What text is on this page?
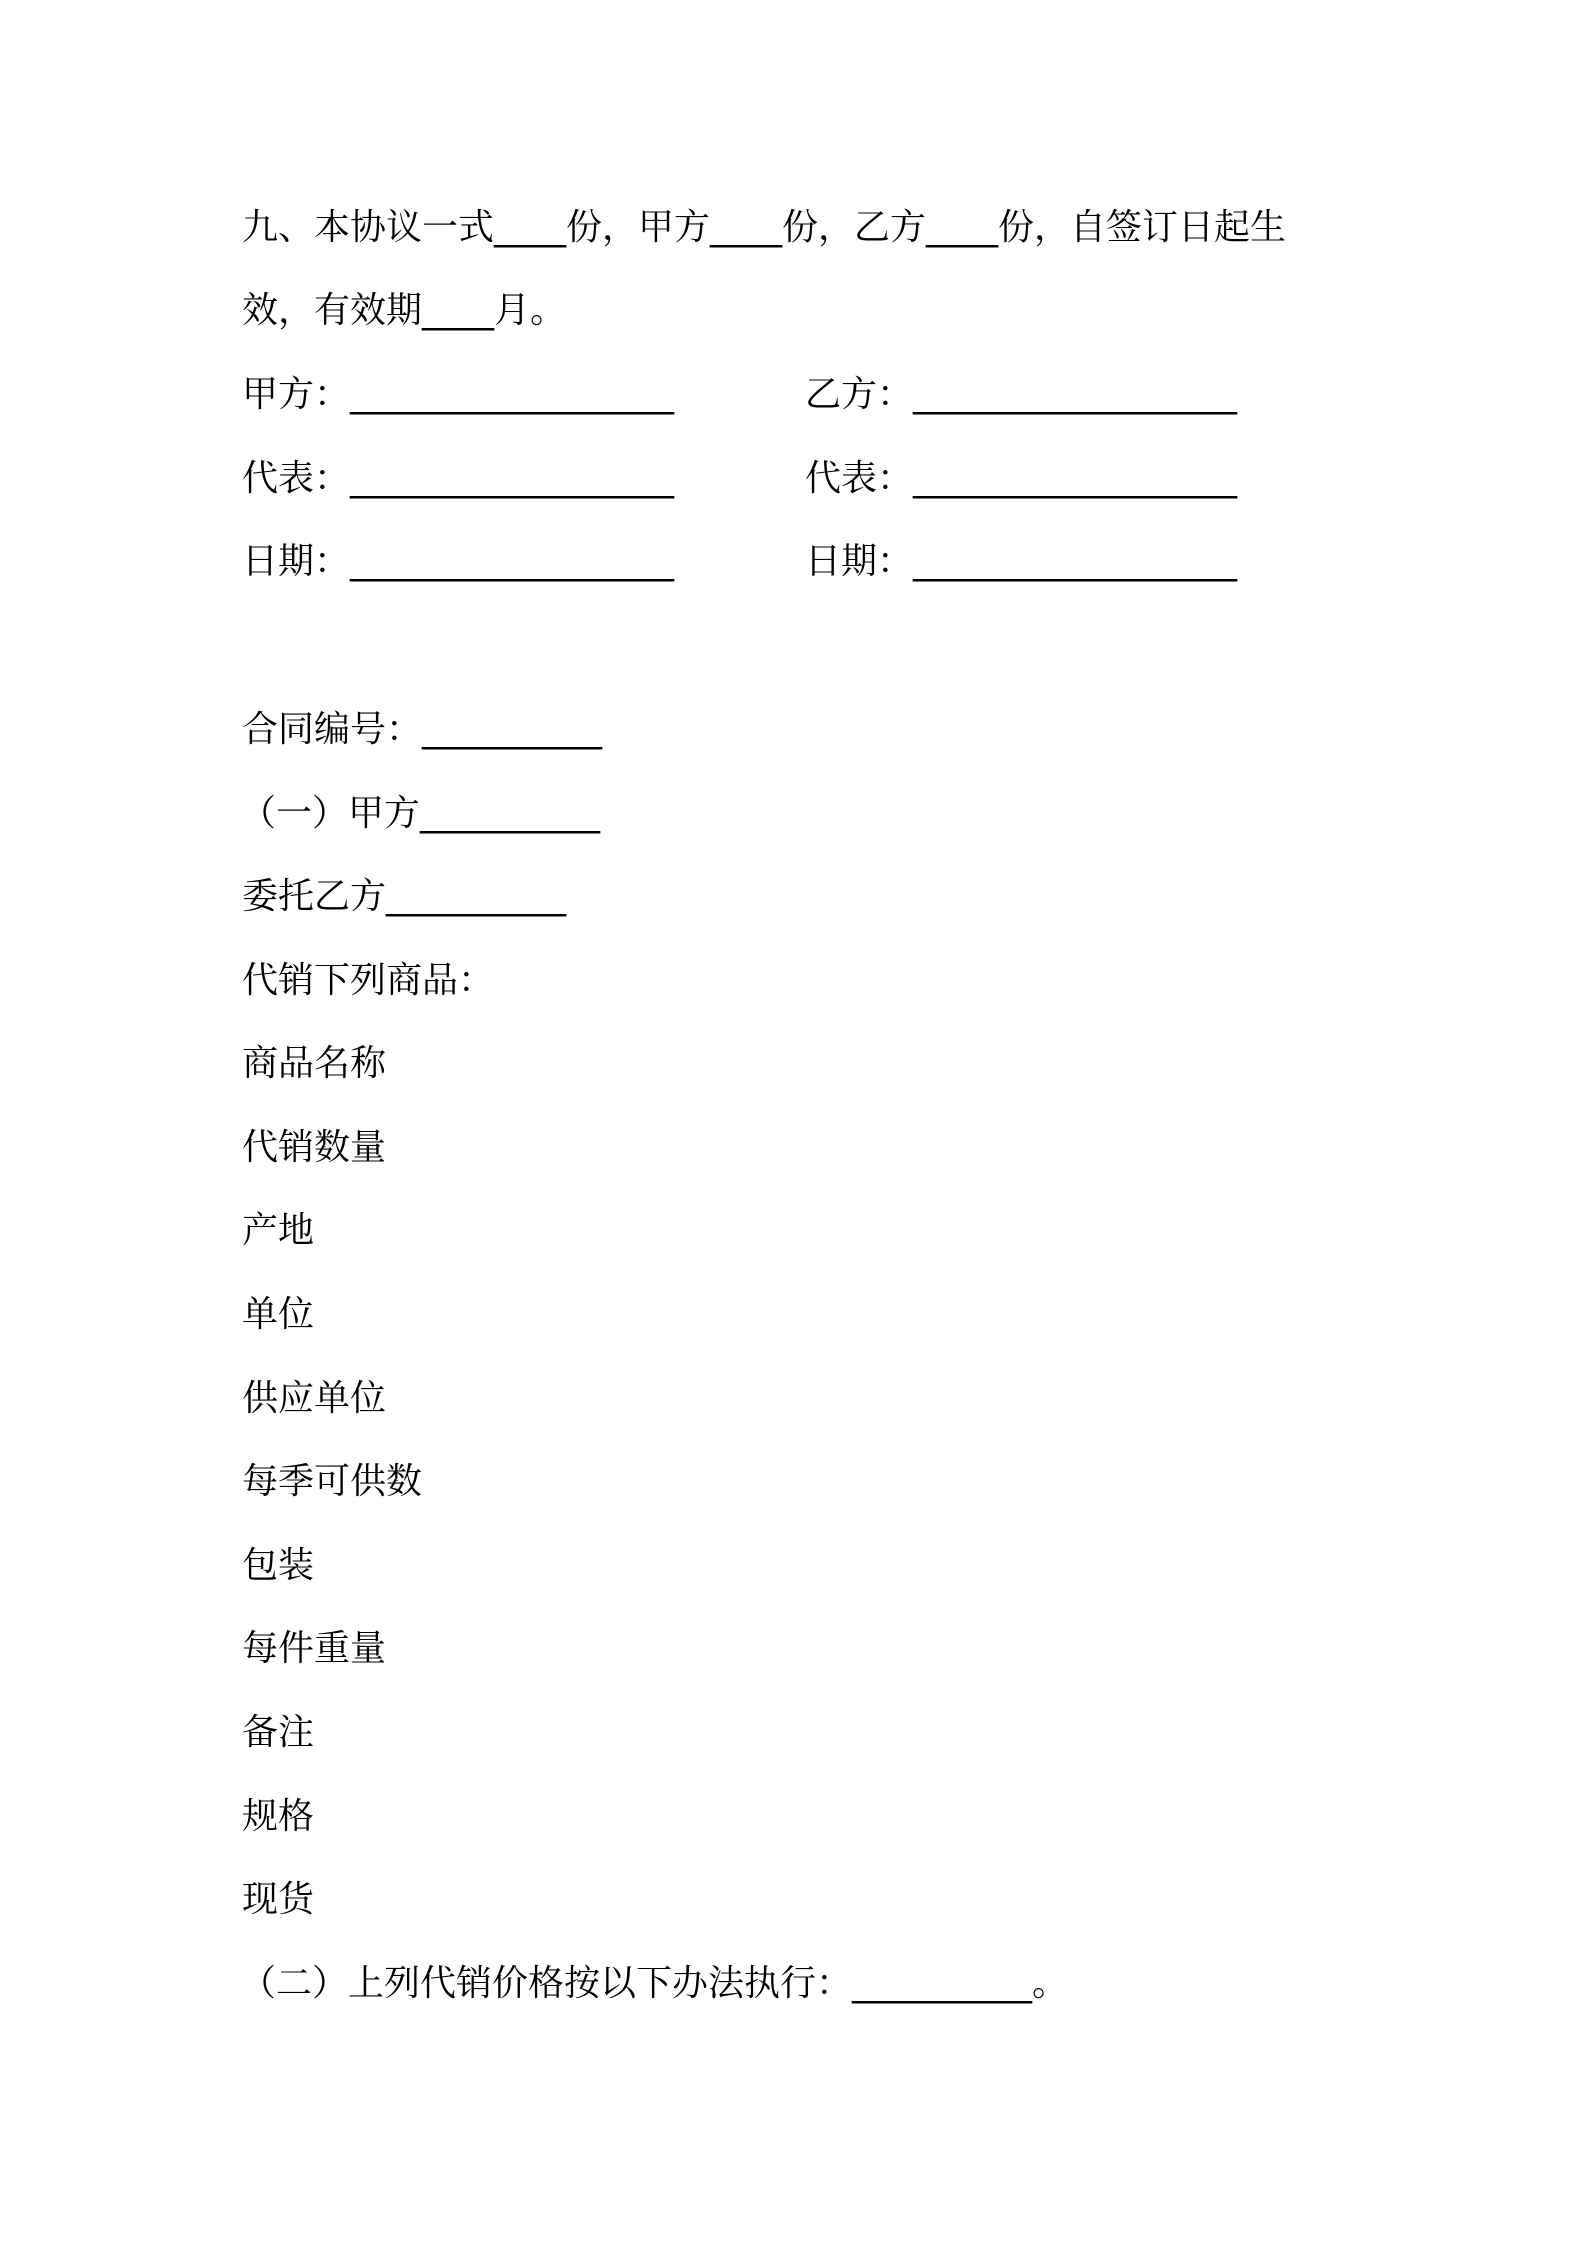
九、本协议一式____份，甲方____份，乙方____份，自签订日起生
效，有效期____月。
甲方：__________________	乙方：__________________
代表：__________________	代表：__________________
日期：__________________	日期：__________________
合同编号：__________
（一）甲方__________
委托乙方__________
代销下列商品：
商品名称
代销数量
产地
单位
供应单位
每季可供数
包装
每件重量
备注
规格
现货
（二）上列代销价格按以下办法执行：__________。
